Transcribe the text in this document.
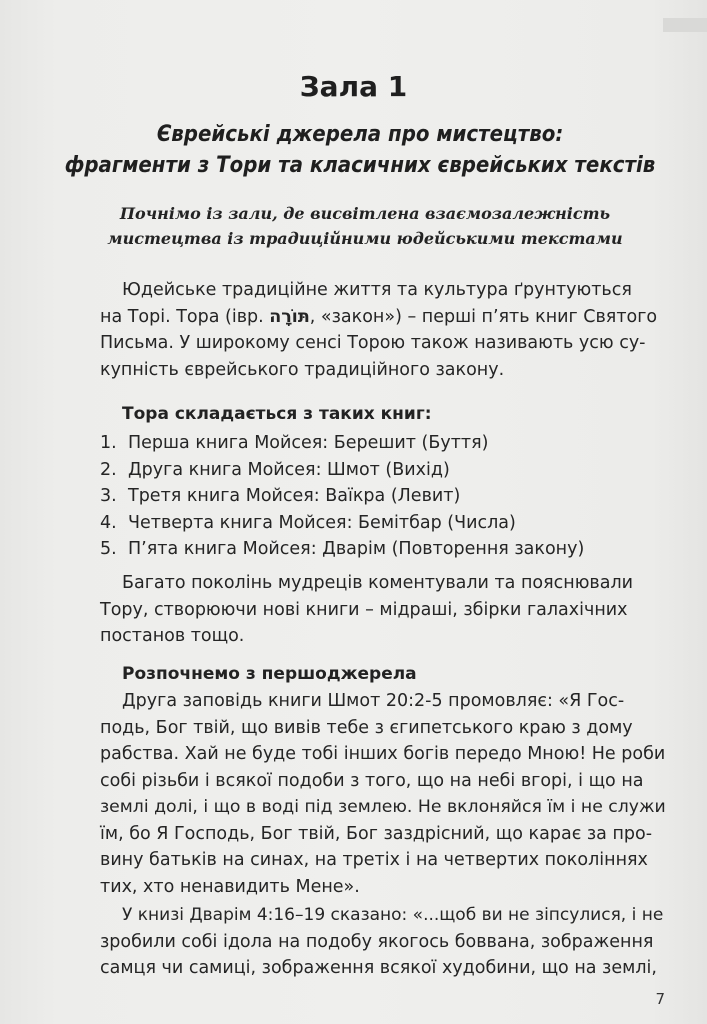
Зала 1
Єврейські джерела про мистецтво:
фрагменти з Тори та класичних єврейських текстів
Почнімо із зали, де висвітлена взаємозалежність
мистецтва із традиційними юдейськими текстами
Юдейське традиційне життя та культура ґрунтуються
на Торі. Тора (івр. תּוֹרָה, «закон») – перші п’ять книг Святого
Письма. У широкому сенсі Торою також називають усю су-
купність єврейського традиційного закону.
Тора складається з таких книг:
1. Перша книга Мойсея: Берешит (Буття)
2. Друга книга Мойсея: Шмот (Вихід)
3. Третя книга Мойсея: Ваїкра (Левит)
4. Четверта книга Мойсея: Бемітбар (Числа)
5. П’ята книга Мойсея: Дварім (Повторення закону)
Багато поколінь мудреців коментували та пояснювали
Тору, створюючи нові книги – мідраші, збірки галахічних
постанов тощо.
Розпочнемо з першоджерела
Друга заповідь книги Шмот 20:2-5 промовляє: «Я Гос-
подь, Бог твій, що вивів тебе з єгипетського краю з дому
рабства. Хай не буде тобі інших богів передо Мною! Не роби
собі різьби і всякої подоби з того, що на небі вгорі, і що на
землі долі, і що в воді під землею. Не вклоняйся їм і не служи
їм, бо Я Господь, Бог твій, Бог заздрісний, що карає за про-
вину батьків на синах, на третіх і на четвертих поколіннях
тих, хто ненавидить Мене».
У книзі Дварім 4:16–19 сказано: «...щоб ви не зіпсулися, і не
зробили собі ідола на подобу якогось боввана, зображення
самця чи самиці, зображення всякої худобини, що на землі,
7
